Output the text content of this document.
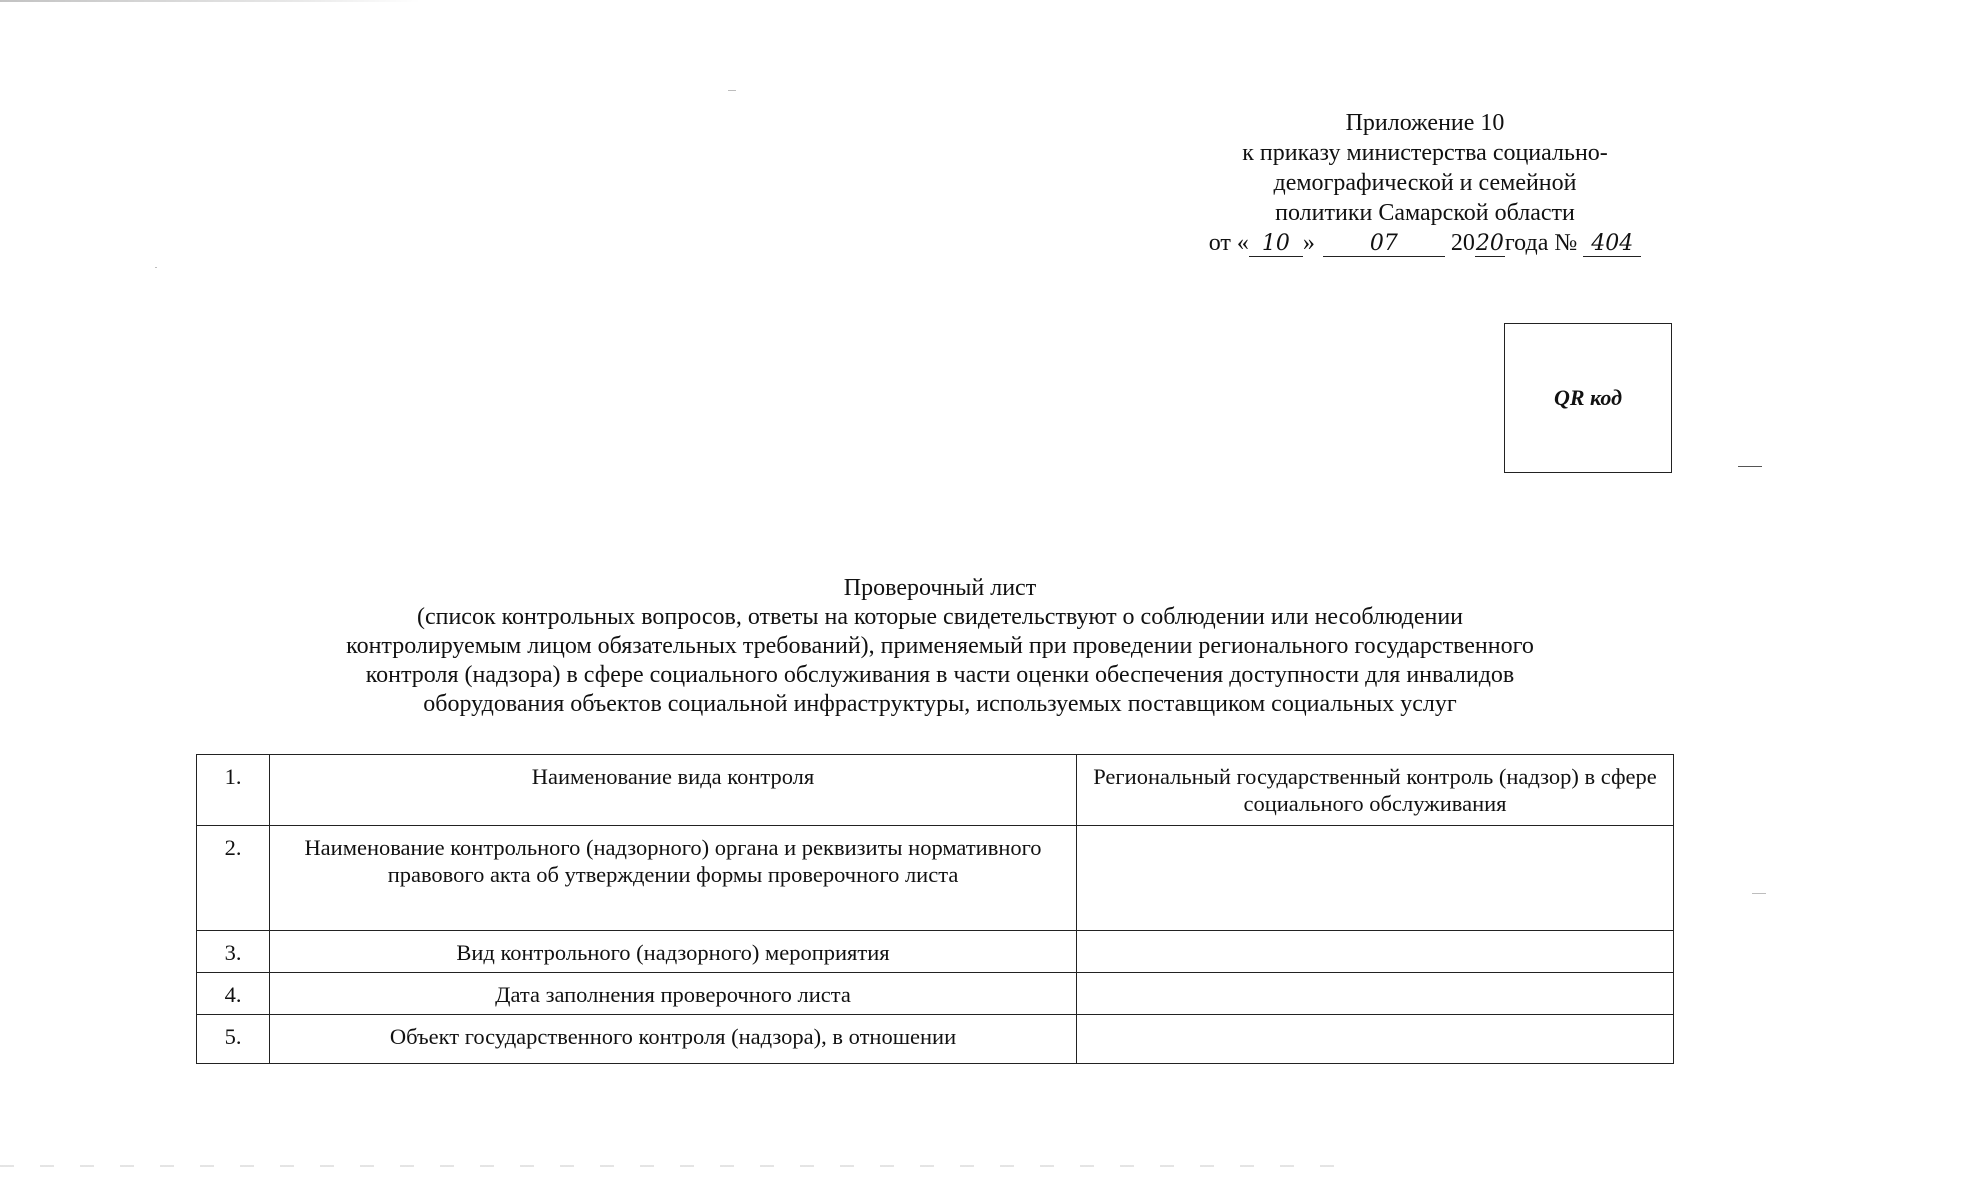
Приложение 10
к приказу министерства социально-
демографической и семейной
политики Самарской области
от « 10 »	07 2020года № 404
QR код
Проверочный лист
(список контрольных вопросов, ответы на которые свидетельствуют о соблюдении или несоблюдении
контролируемым лицом обязательных требований), применяемый при проведении регионального государственного
контроля (надзора) в сфере социального обслуживания в части оценки обеспечения доступности для инвалидов
оборудования объектов социальной инфраструктуры, используемых поставщиком социальных услуг
1.	Наименование вида контроля	Региональный государственный контроль (надзор) в сфере социального обслуживания
2.	Наименование контрольного (надзорного) органа и реквизиты нормативного правового акта об утверждении формы проверочного листа	
3.	Вид контрольного (надзорного) мероприятия	
4.	Дата заполнения проверочного листа	
5.	Объект государственного контроля (надзора), в отношении	
